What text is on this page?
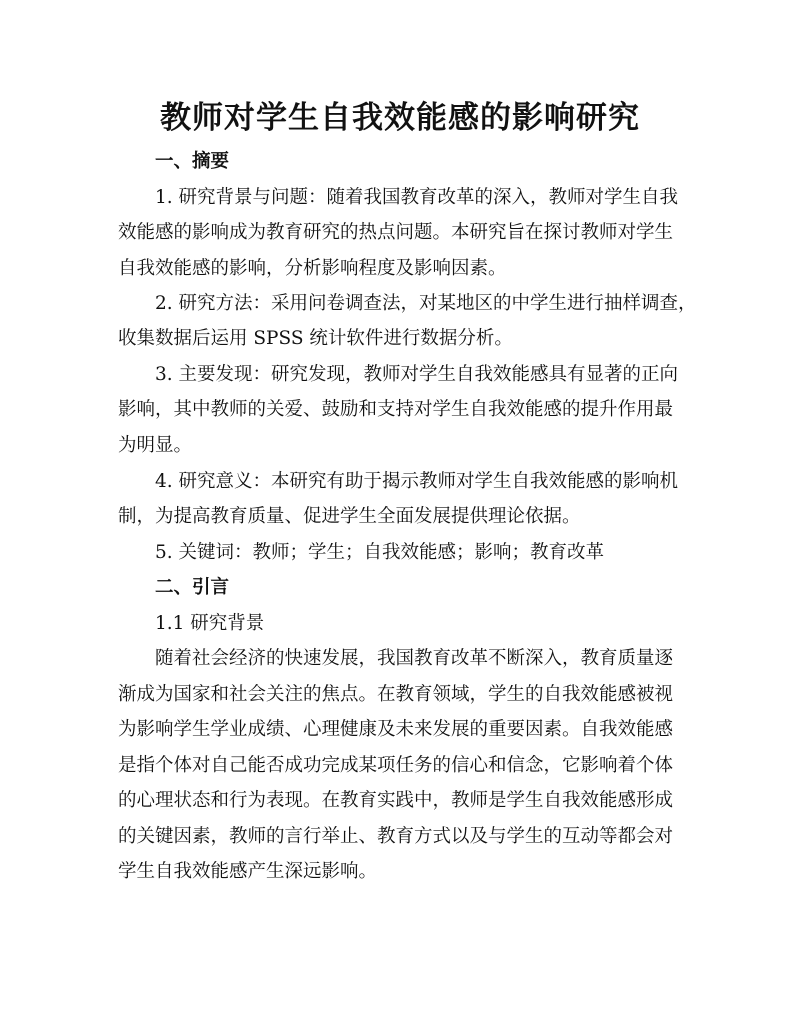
教师对学生自我效能感的影响研究

一、摘要

1. 研究背景与问题：随着我国教育改革的深入，教师对学生自我

效能感的影响成为教育研究的热点问题。本研究旨在探讨教师对学生

自我效能感的影响，分析影响程度及影响因素。

2. 研究方法：采用问卷调查法，对某地区的中学生进行抽样调查，

收集数据后运用 SPSS 统计软件进行数据分析。

3. 主要发现：研究发现，教师对学生自我效能感具有显著的正向

影响，其中教师的关爱、鼓励和支持对学生自我效能感的提升作用最

为明显。

4. 研究意义：本研究有助于揭示教师对学生自我效能感的影响机

制，为提高教育质量、促进学生全面发展提供理论依据。

5. 关键词：教师；学生；自我效能感；影响；教育改革

二、引言

1.1 研究背景

随着社会经济的快速发展，我国教育改革不断深入，教育质量逐

渐成为国家和社会关注的焦点。在教育领域，学生的自我效能感被视

为影响学生学业成绩、心理健康及未来发展的重要因素。自我效能感

是指个体对自己能否成功完成某项任务的信心和信念，它影响着个体

的心理状态和行为表现。在教育实践中，教师是学生自我效能感形成

的关键因素，教师的言行举止、教育方式以及与学生的互动等都会对

学生自我效能感产生深远影响。
